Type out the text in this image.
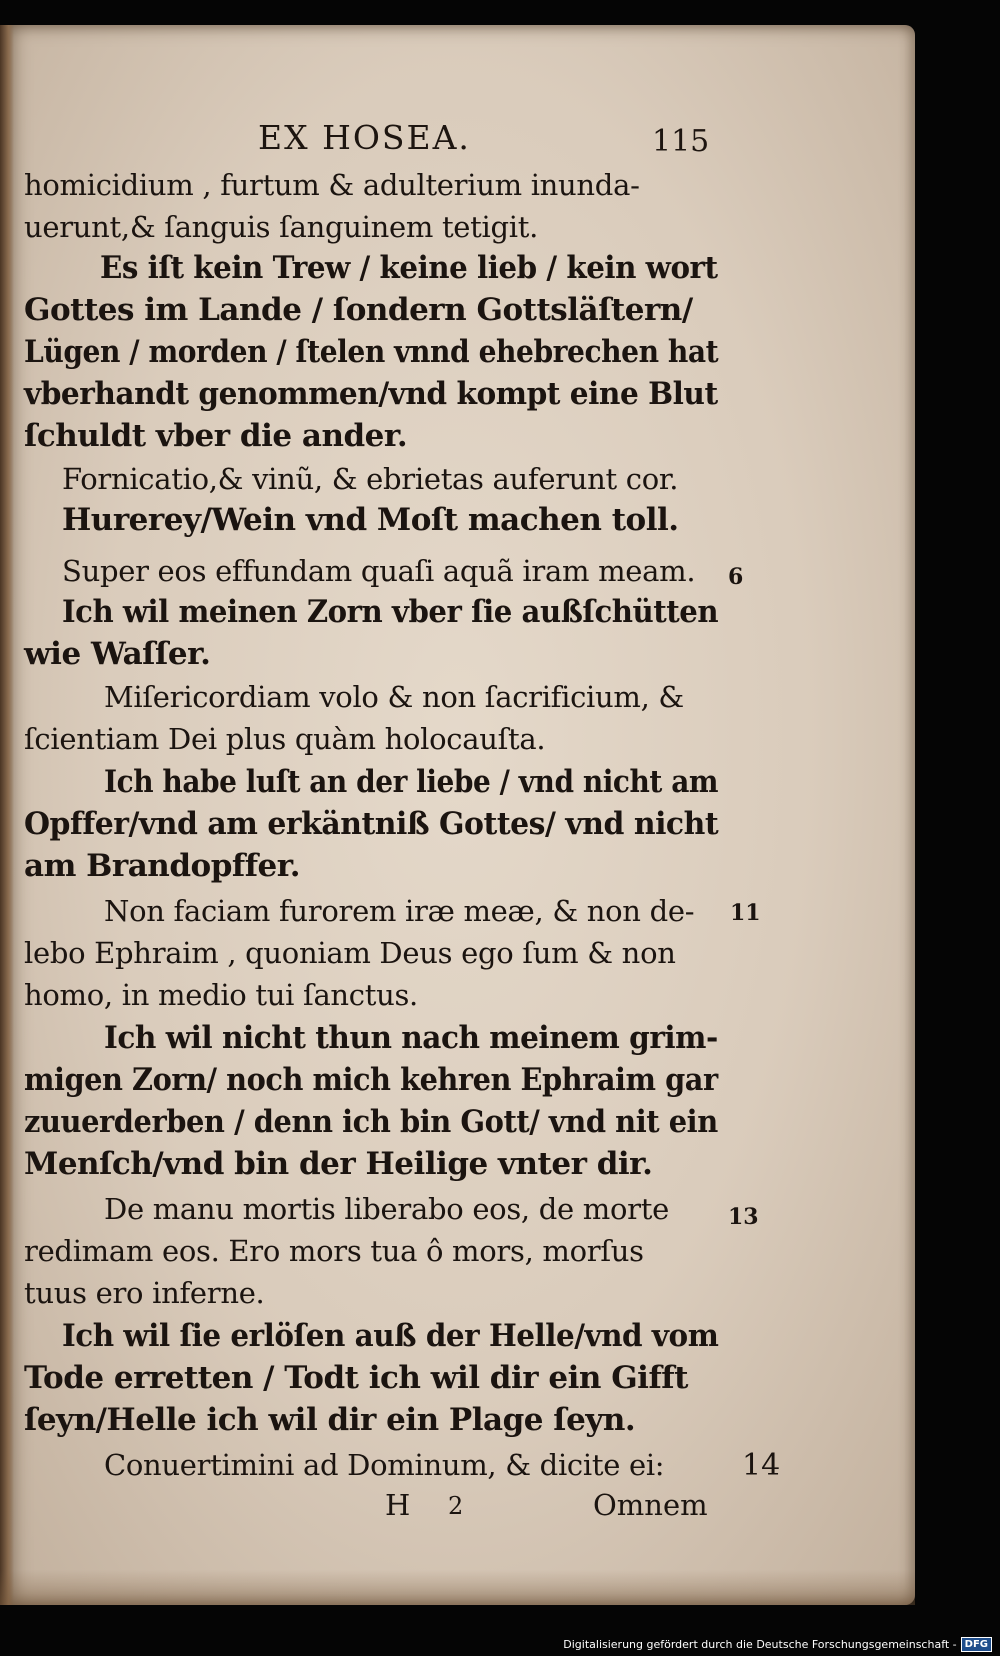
EX HOSEA.	115
homicidium , furtum & adulterium inunda-
uerunt,& ſanguis ſanguinem tetigit.
Es iſt kein Trew / keine lieb / kein wort
Gottes im Lande / ſondern Gottsläſtern/
Lügen / morden / ſtelen vnnd ehebrechen hat
vberhandt genommen/vnd kompt eine Blut
ſchuldt vber die ander.
Fornicatio,& vinũ, & ebrietas auferunt cor.
Hurerey/Wein vnd Moſt machen toll.
Super eos effundam quaſi aquã iram meam.
Ich wil meinen Zorn vber ſie außſchütten
wie Waſſer.
Miſericordiam volo & non ſacrificium, &
ſcientiam Dei plus quàm holocauſta.
Ich habe luſt an der liebe / vnd nicht am
Opffer/vnd am erkäntniß Gottes/ vnd nicht
am Brandopffer.
Non faciam furorem iræ meæ, & non de-
lebo Ephraim , quoniam Deus ego ſum & non
homo, in medio tui ſanctus.
Ich wil nicht thun nach meinem grim-
migen Zorn/ noch mich kehren Ephraim gar
zuuerderben / denn ich bin Gott/ vnd nit ein
Menſch/vnd bin der Heilige vnter dir.
De manu mortis liberabo eos, de morte
redimam eos. Ero mors tua ô mors, morſus
tuus ero inferne.
Ich wil ſie erlöſen auß der Helle/vnd vom
Tode erretten / Todt ich wil dir ein Gifft
ſeyn/Helle ich wil dir ein Plage ſeyn.
Conuertimini ad Dominum, & dicite ei:
6
11
13
14
H 2	Omnem
Digitalisierung gefördert durch die Deutsche Forschungsgemeinschaft - DFG
